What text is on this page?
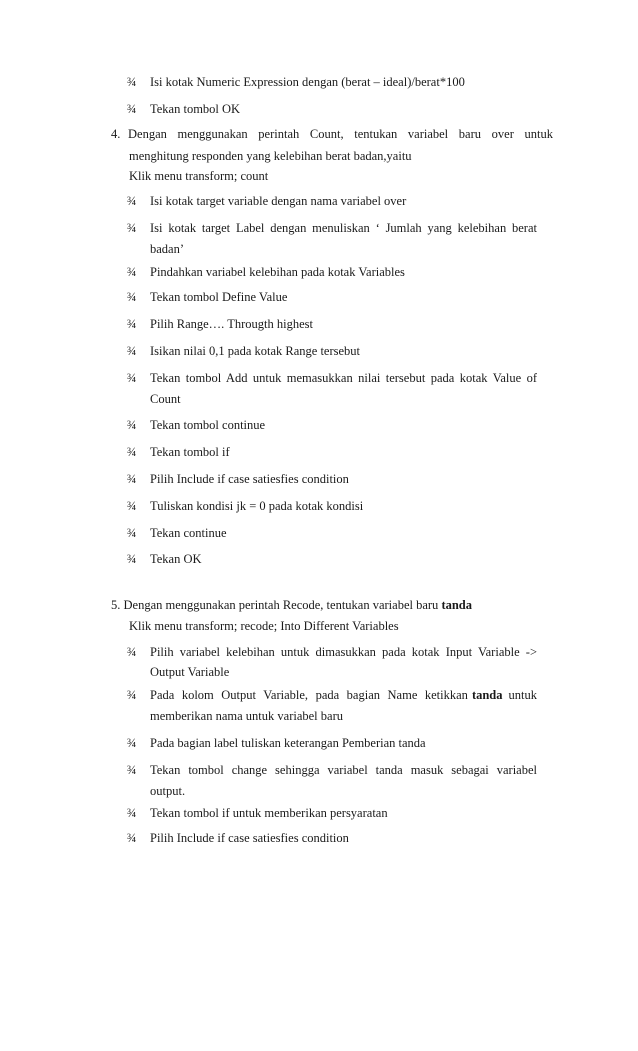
¾	Isi kotak Numeric Expression dengan (berat – ideal)/berat*100
¾	Tekan tombol OK
4. Dengan menggunakan perintah Count, tentukan variabel baru over untuk
menghitung responden yang kelebihan berat badan,yaitu
Klik menu transform; count
¾	Isi kotak target variable dengan nama variabel over
¾	Isi kotak target Label dengan menuliskan ‘ Jumlah yang kelebihan berat
badan’
¾	Pindahkan variabel kelebihan pada kotak Variables
¾	Tekan tombol Define Value
¾	Pilih Range…. Througth highest
¾	Isikan nilai 0,1 pada kotak Range tersebut
¾	Tekan tombol Add untuk memasukkan nilai tersebut pada kotak Value of
Count
¾	Tekan tombol continue
¾	Tekan tombol if
¾	Pilih Include if case satiesfies condition
¾	Tuliskan kondisi jk = 0 pada kotak kondisi
¾	Tekan continue
¾	Tekan OK
5. Dengan menggunakan perintah Recode, tentukan variabel baru tanda
Klik menu transform; recode; Into Different Variables
¾	Pilih variabel kelebihan untuk dimasukkan pada kotak Input Variable ->
Output Variable
¾	Pada kolom Output Variable, pada bagian Name ketikkan tanda untuk
memberikan nama untuk variabel baru
¾	Pada bagian label tuliskan keterangan Pemberian tanda
¾	Tekan tombol change sehingga variabel tanda masuk sebagai variabel
output.
¾	Tekan tombol if untuk memberikan persyaratan
¾	Pilih Include if case satiesfies condition
